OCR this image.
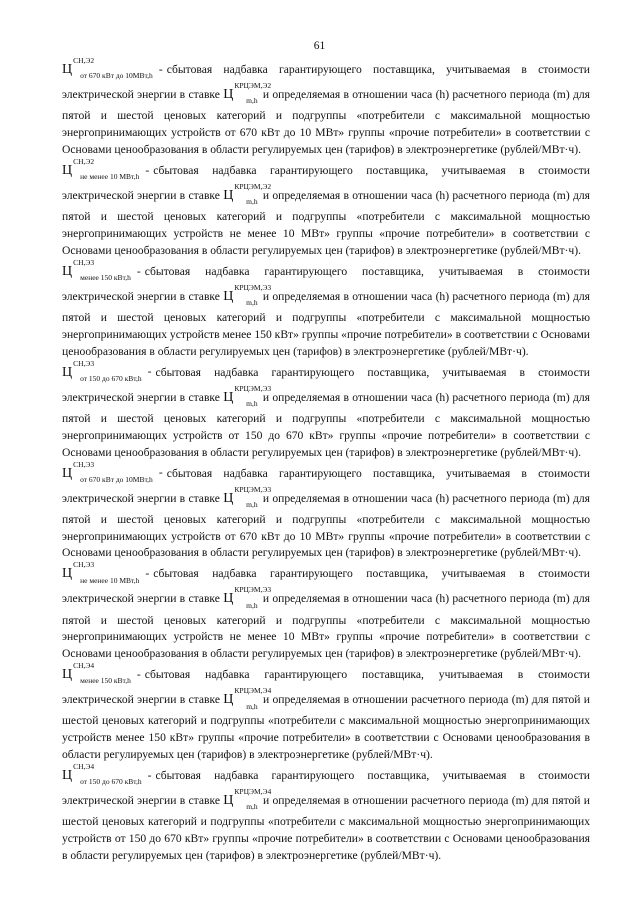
61

$Ц^{СН,Э2}_{от 670 кВт до 10МВт,h}$ - сбытовая надбавка гарантирующего поставщика, учитываемая в стоимости электрической энергии в ставке $Ц^{КРЦЭМ,Э2}_{m,h}$ и определяемая в отношении часа (h) расчетного периода (m) для пятой и шестой ценовых категорий и подгруппы «потребители с максимальной мощностью энергопринимающих устройств от 670 кВт до 10 МВт» группы «прочие потребители» в соответствии с Основами ценообразования в области регулируемых цен (тарифов) в электроэнергетике (рублей/МВт·ч).

$Ц^{СН,Э2}_{не менее 10 МВт,h}$ - сбытовая надбавка гарантирующего поставщика, учитываемая в стоимости электрической энергии в ставке $Ц^{КРЦЭМ,Э2}_{m,h}$ и определяемая в отношении часа (h) расчетного периода (m) для пятой и шестой ценовых категорий и подгруппы «потребители с максимальной мощностью энергопринимающих устройств не менее 10 МВт» группы «прочие потребители» в соответствии с Основами ценообразования в области регулируемых цен (тарифов) в электроэнергетике (рублей/МВт·ч).

$Ц^{СН,Э3}_{менее 150 кВт,h}$ - сбытовая надбавка гарантирующего поставщика, учитываемая в стоимости электрической энергии в ставке $Ц^{КРЦЭМ,Э3}_{m,h}$ и определяемая в отношении часа (h) расчетного периода (m) для пятой и шестой ценовых категорий и подгруппы «потребители с максимальной мощностью энергопринимающих устройств менее 150 кВт» группы «прочие потребители» в соответствии с Основами ценообразования в области регулируемых цен (тарифов) в электроэнергетике (рублей/МВт·ч).

$Ц^{СН,Э3}_{от 150 до 670 кВт,h}$ - сбытовая надбавка гарантирующего поставщика, учитываемая в стоимости электрической энергии в ставке $Ц^{КРЦЭМ,Э3}_{m,h}$ и определяемая в отношении часа (h) расчетного периода (m) для пятой и шестой ценовых категорий и подгруппы «потребители с максимальной мощностью энергопринимающих устройств от 150 до 670 кВт» группы «прочие потребители» в соответствии с Основами ценообразования в области регулируемых цен (тарифов) в электроэнергетике (рублей/МВт·ч).

$Ц^{СН,Э3}_{от 670 кВт до 10МВт,h}$ - сбытовая надбавка гарантирующего поставщика, учитываемая в стоимости электрической энергии в ставке $Ц^{КРЦЭМ,Э3}_{m,h}$ и определяемая в отношении часа (h) расчетного периода (m) для пятой и шестой ценовых категорий и подгруппы «потребители с максимальной мощностью энергопринимающих устройств от 670 кВт до 10 МВт» группы «прочие потребители» в соответствии с Основами ценообразования в области регулируемых цен (тарифов) в электроэнергетике (рублей/МВт·ч).

$Ц^{СН,Э3}_{не менее 10 МВт,h}$ - сбытовая надбавка гарантирующего поставщика, учитываемая в стоимости электрической энергии в ставке $Ц^{КРЦЭМ,Э3}_{m,h}$ и определяемая в отношении часа (h) расчетного периода (m) для пятой и шестой ценовых категорий и подгруппы «потребители с максимальной мощностью энергопринимающих устройств не менее 10 МВт» группы «прочие потребители» в соответствии с Основами ценообразования в области регулируемых цен (тарифов) в электроэнергетике (рублей/МВт·ч).

$Ц^{СН,Э4}_{менее 150 кВт,h}$ - сбытовая надбавка гарантирующего поставщика, учитываемая в стоимости электрической энергии в ставке $Ц^{КРЦЭМ,Э4}_{m,h}$ и определяемая в отношении расчетного периода (m) для пятой и шестой ценовых категорий и подгруппы «потребители с максимальной мощностью энергопринимающих устройств менее 150 кВт» группы «прочие потребители» в соответствии с Основами ценообразования в области регулируемых цен (тарифов) в электроэнергетике (рублей/МВт·ч).

$Ц^{СН,Э4}_{от 150 до 670 кВт,h}$ - сбытовая надбавка гарантирующего поставщика, учитываемая в стоимости электрической энергии в ставке $Ц^{КРЦЭМ,Э4}_{m,h}$ и определяемая в отношении расчетного периода (m) для пятой и шестой ценовых категорий и подгруппы «потребители с максимальной мощностью энергопринимающих устройств от 150 до 670 кВт» группы «прочие потребители» в соответствии с Основами ценообразования в области регулируемых цен (тарифов) в электроэнергетике (рублей/МВт·ч).
